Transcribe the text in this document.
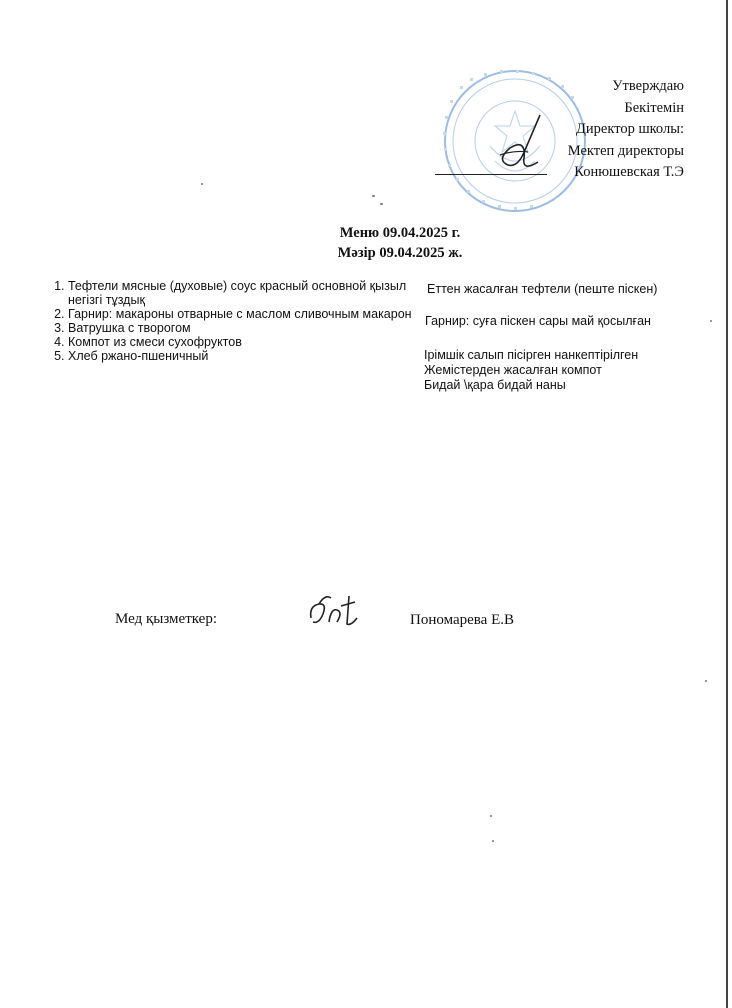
Утверждаю
Бекітемін
Директор школы:
Мектеп директоры
Конюшевская Т.Э
Меню 09.04.2025 г.
Мәзір 09.04.2025 ж.
1. Тефтели мясные (духовые) соус красный основной қызыл негізгі тұздық
2. Гарнир: макароны отварные с маслом сливочным макарон
3. Ватрушка с творогом
4. Компот из смеси сухофруктов
5. Хлеб ржано-пшеничный
Еттен жасалған тефтели (пеште піскен)
Гарнир: суға піскен сары май қосылған
Ірімшік салып пісірген нанкептірілген
Жемістерден жасалған компот
Бидай \қара бидай наны
Мед қызметкер:	Пономарева Е.В
